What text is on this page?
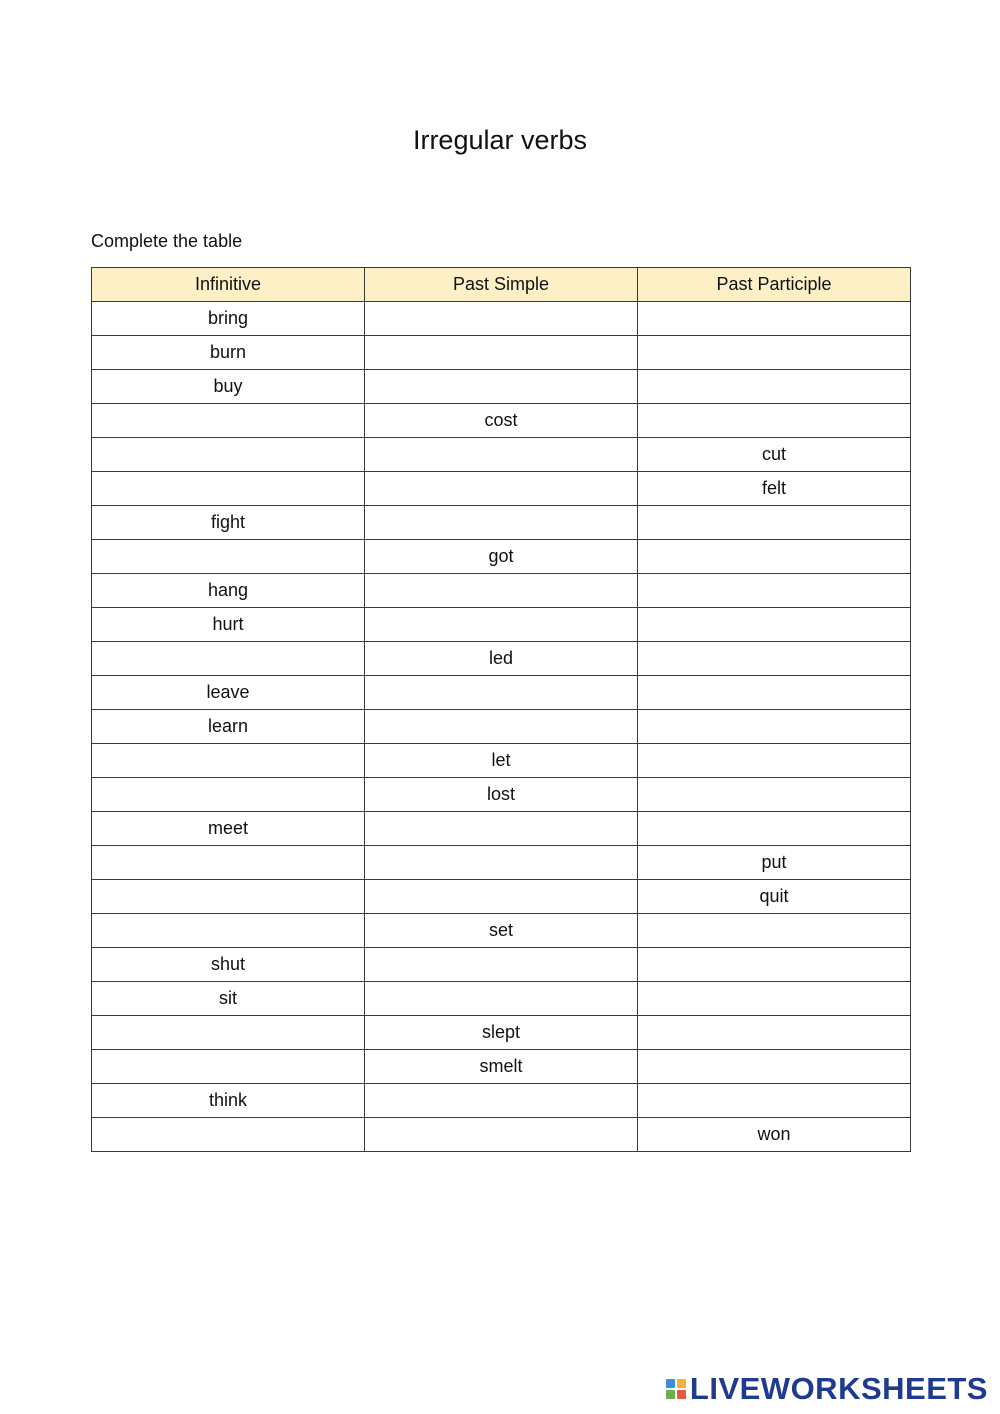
Irregular verbs
Complete the table
Infinitive	Past Simple	Past Participle
bring		
burn		
buy		
	cost	
		cut
		felt
fight		
	got	
hang		
hurt		
	led	
leave		
learn		
	let	
	lost	
meet		
		put
		quit
	set	
shut		
sit		
	slept	
	smelt	
think		
		won
LIVEWORKSHEETS
